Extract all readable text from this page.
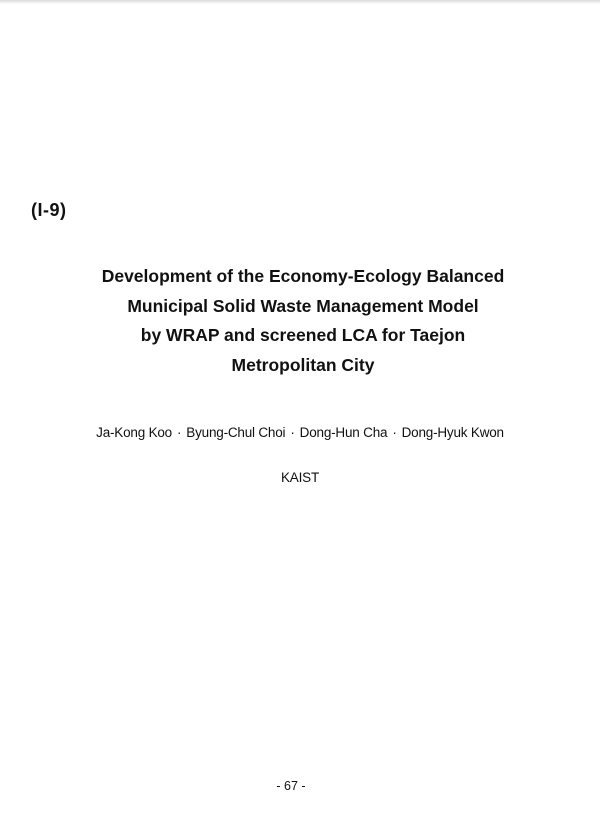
(I-9)
Development of the Economy-Ecology Balanced
Municipal Solid Waste Management Model
by WRAP and screened LCA for Taejon
Metropolitan City
Ja-Kong Koo · Byung-Chul Choi · Dong-Hun Cha · Dong-Hyuk Kwon
KAIST
- 67 -
